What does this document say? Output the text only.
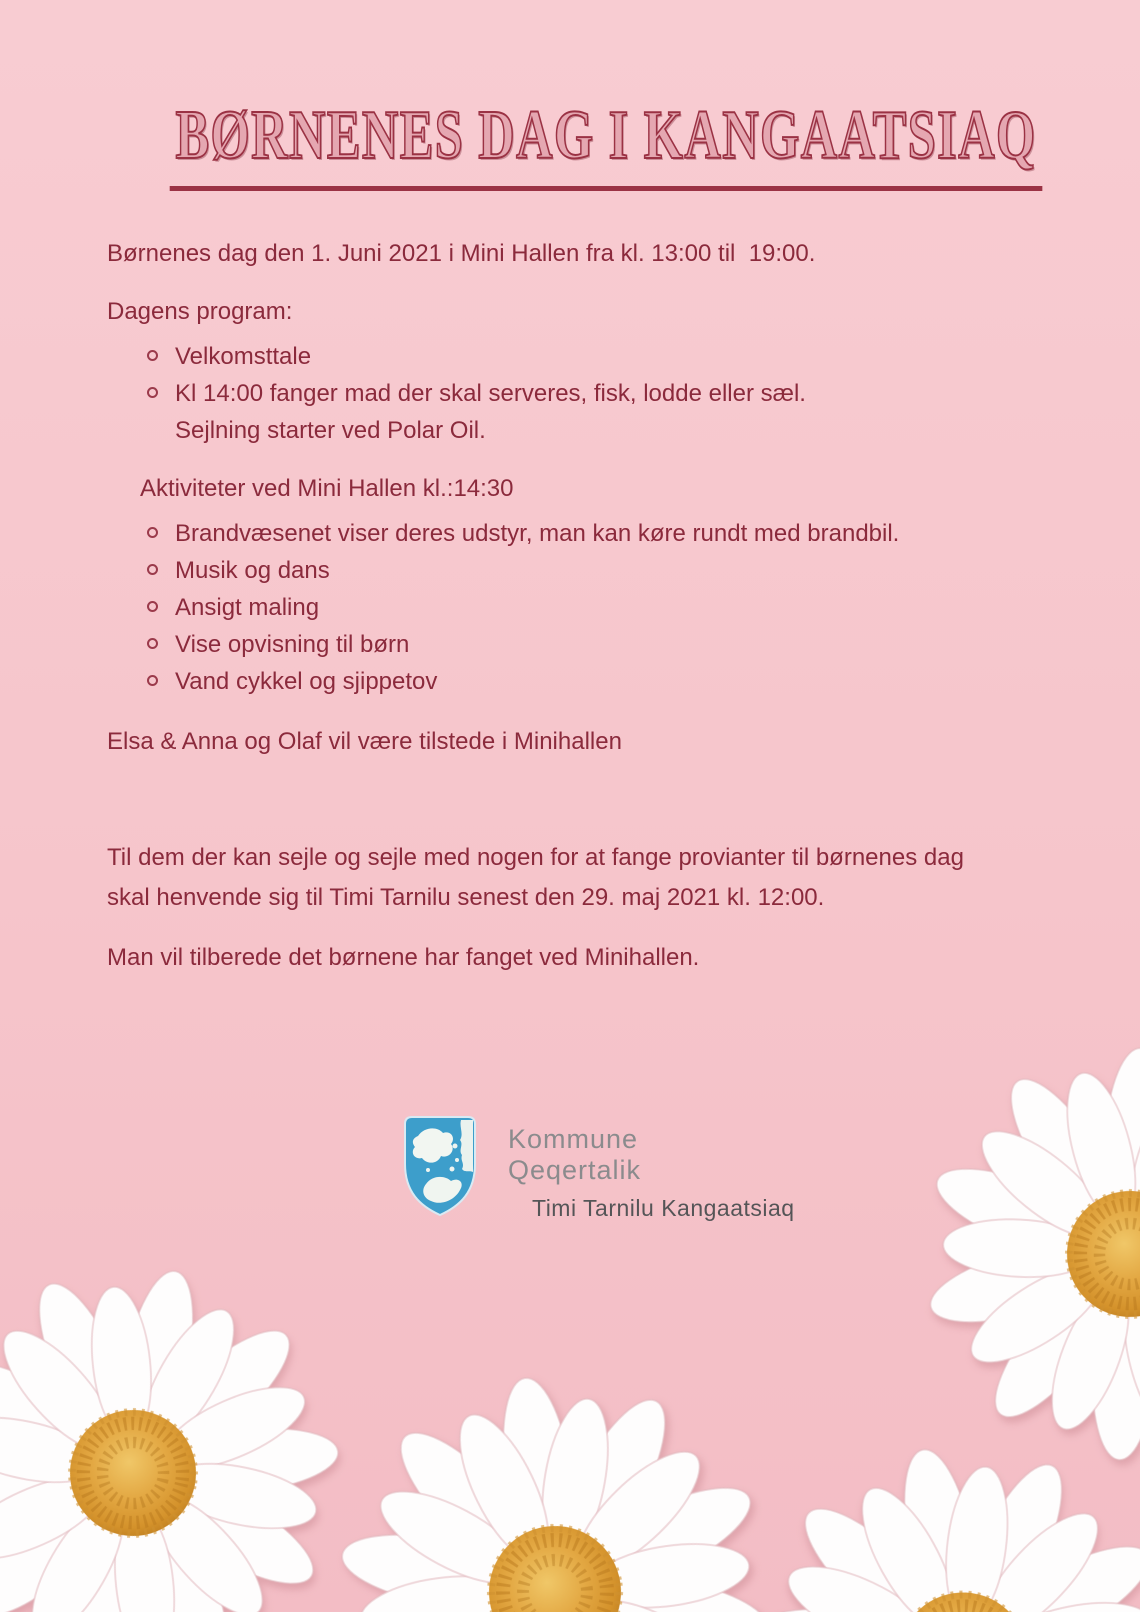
BØRNENES DAG I KANGAATSIAQ

Børnenes dag den 1. Juni 2021 i Mini Hallen fra kl. 13:00 til  19:00.

Dagens program:

Velkomsttale
Kl 14:00 fanger mad der skal serveres, fisk, lodde eller sæl.
Sejlning starter ved Polar Oil.

Aktiviteter ved Mini Hallen kl.:14:30

Brandvæsenet viser deres udstyr, man kan køre rundt med brandbil.
Musik og dans
Ansigt maling
Vise opvisning til børn
Vand cykkel og sjippetov

Elsa & Anna og Olaf vil være tilstede i Minihallen

Til dem der kan sejle og sejle med nogen for at fange provianter til børnenes dag
skal henvende sig til Timi Tarnilu senest den 29. maj 2021 kl. 12:00.

Man vil tilberede det børnene har fanget ved Minihallen.

Kommune
Qeqertalik
Timi Tarnilu Kangaatsiaq
